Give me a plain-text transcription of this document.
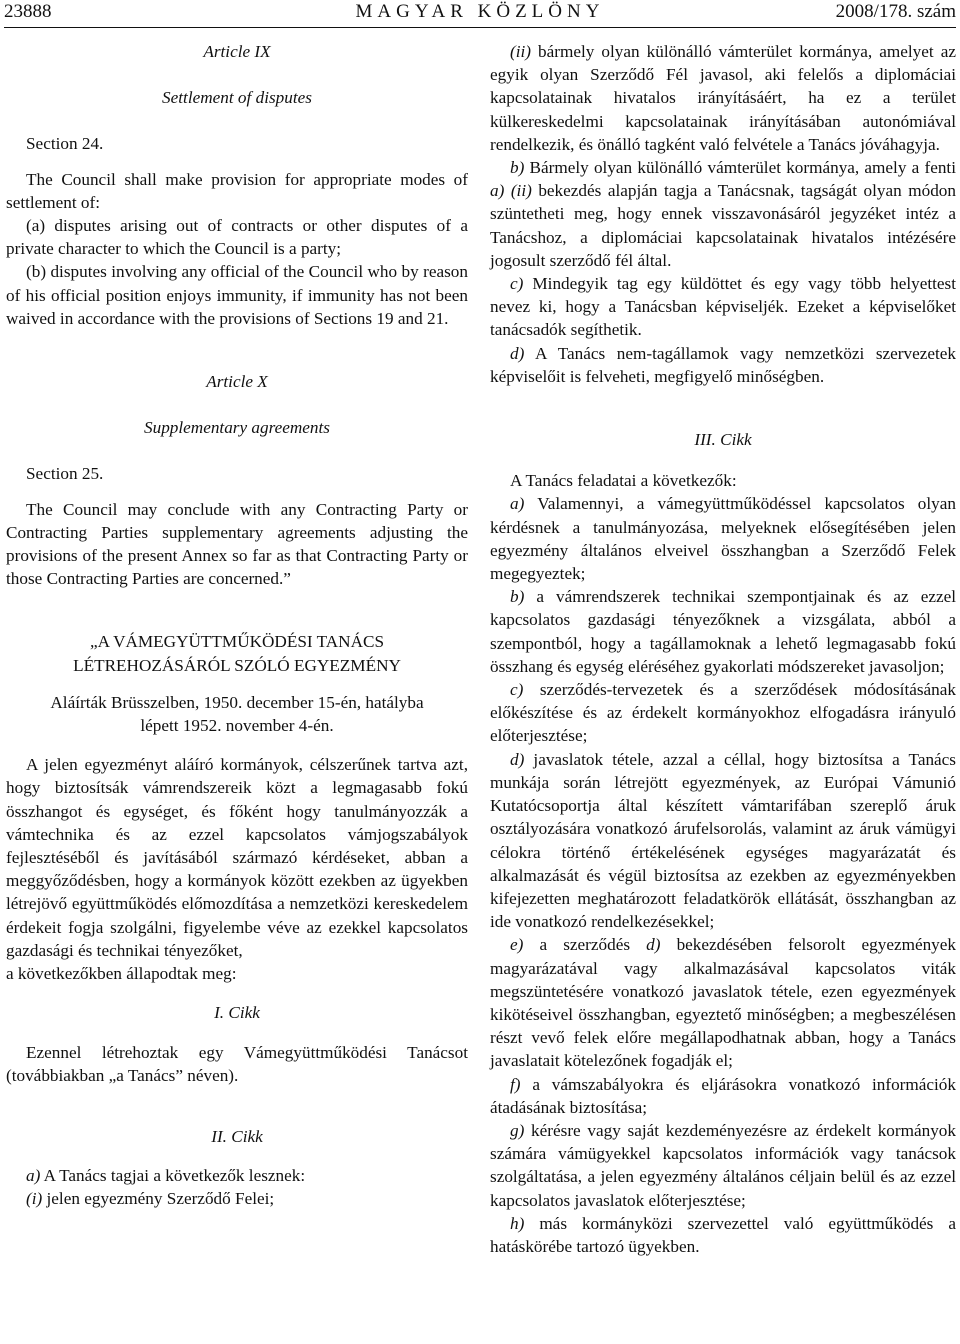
23888	MAGYAR KÖZLÖNY	2008/178. szám

Article IX

Settlement of disputes

Section 24.

The Council shall make provision for appropriate modes of settlement of:

(a) disputes arising out of contracts or other disputes of a private character to which the Council is a party;

(b) disputes involving any official of the Council who by reason of his official position enjoys immunity, if immunity has not been waived in accordance with the provisions of Sections 19 and 21.

Article X

Supplementary agreements

Section 25.

The Council may conclude with any Contracting Party or Contracting Parties supplementary agreements adjusting the provisions of the present Annex so far as that Contracting Party or those Contracting Parties are concerned.”

„A VÁMEGYÜTTMŰKÖDÉSI TANÁCS

LÉTREHOZÁSÁRÓL SZÓLÓ EGYEZMÉNY

Aláírták Brüsszelben, 1950. december 15-én, hatályba

lépett 1952. november 4-én.

A jelen egyezményt aláíró kormányok, célszerűnek tartva azt, hogy biztosítsák vámrendszereik közt a legmagasabb fokú összhangot és egységet, és főként hogy tanulmányozzák a vámtechnika és az ezzel kapcsolatos vámjogszabályok fejlesztéséből és javításából származó kérdéseket, abban a meggyőződésben, hogy a kormányok között ezekben az ügyekben létrejövő együttműködés előmozdítása a nemzetközi kereskedelem érdekeit fogja szolgálni, figyelembe véve az ezekkel kapcsolatos gazdasági és technikai tényezőket,

a következőkben állapodtak meg:

I. Cikk

Ezennel létrehoztak egy Vámegyüttműködési Tanácsot (továbbiakban „a Tanács” néven).

II. Cikk

a) A Tanács tagjai a következők lesznek:

(i) jelen egyezmény Szerződő Felei;

(ii) bármely olyan különálló vámterület kormánya, amelyet az egyik olyan Szerződő Fél javasol, aki felelős a diplomáciai kapcsolatainak hivatalos irányításáért, ha ez a terület külkereskedelmi kapcsolatainak irányításában autonómiával rendelkezik, és önálló tagként való felvétele a Tanács jóváhagyja.

b) Bármely olyan különálló vámterület kormánya, amely a fenti a) (ii) bekezdés alapján tagja a Tanácsnak, tagságát olyan módon szüntetheti meg, hogy ennek visszavonásáról jegyzéket intéz a Tanácshoz, a diplomáciai kapcsolatainak hivatalos intézésére jogosult szerződő fél által.

c) Mindegyik tag egy küldöttet és egy vagy több helyettest nevez ki, hogy a Tanácsban képviseljék. Ezeket a képviselőket tanácsadók segíthetik.

d) A Tanács nem-tagállamok vagy nemzetközi szervezetek képviselőit is felveheti, megfigyelő minőségben.

III. Cikk

A Tanács feladatai a következők:

a) Valamennyi, a vámegyüttműködéssel kapcsolatos olyan kérdésnek a tanulmányozása, melyeknek elősegítésében jelen egyezmény általános elveivel összhangban a Szerződő Felek megegyeztek;

b) a vámrendszerek technikai szempontjainak és az ezzel kapcsolatos gazdasági tényezőknek a vizsgálata, abból a szempontból, hogy a tagállamoknak a lehető legmagasabb fokú összhang és egység eléréséhez gyakorlati módszereket javasoljon;

c) szerződés-tervezetek és a szerződések módosításának előkészítése és az érdekelt kormányokhoz elfogadásra irányuló előterjesztése;

d) javaslatok tétele, azzal a céllal, hogy biztosítsa a Tanács munkája során létrejött egyezmények, az Európai Vámunió Kutatócsoportja által készített vámtarifában szereplő áruk osztályozására vonatkozó árufelsorolás, valamint az áruk vámügyi célokra történő értékelésének egységes magyarázatát és alkalmazását és végül biztosítsa az ezekben az egyezményekben kifejezetten meghatározott feladatkörök ellátását, összhangban az ide vonatkozó rendelkezésekkel;

e) a szerződés d) bekezdésében felsorolt egyezmények magyarázatával vagy alkalmazásával kapcsolatos viták megszüntetésére vonatkozó javaslatok tétele, ezen egyezmények kikötéseivel összhangban, egyeztető minőségben; a megbeszélésen részt vevő felek előre megállapodhatnak abban, hogy a Tanács javaslatait kötelezőnek fogadják el;

f) a vámszabályokra és eljárásokra vonatkozó információk átadásának biztosítása;

g) kérésre vagy saját kezdeményezésre az érdekelt kormányok számára vámügyekkel kapcsolatos információk vagy tanácsok szolgáltatása, a jelen egyezmény általános céljain belül és az ezzel kapcsolatos javaslatok előterjesztése;

h) más kormányközi szervezettel való együttműködés a hatáskörébe tartozó ügyekben.
